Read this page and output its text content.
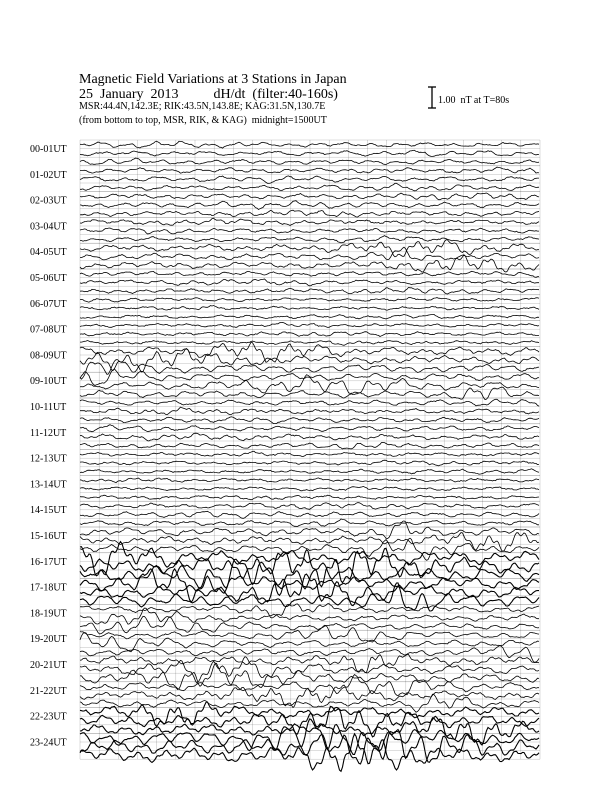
Magnetic Field Variations at 3 Stations in Japan
25  January  2013          dH/dt  (filter:40-160s)
MSR:44.4N,142.3E; RIK:43.5N,143.8E; KAG:31.5N,130.7E
(from bottom to top, MSR, RIK, & KAG)  midnight=1500UT
1.00  nT at T=80s
00-01UT
01-02UT
02-03UT
03-04UT
04-05UT
05-06UT
06-07UT
07-08UT
08-09UT
09-10UT
10-11UT
11-12UT
12-13UT
13-14UT
14-15UT
15-16UT
16-17UT
17-18UT
18-19UT
19-20UT
20-21UT
21-22UT
22-23UT
23-24UT
